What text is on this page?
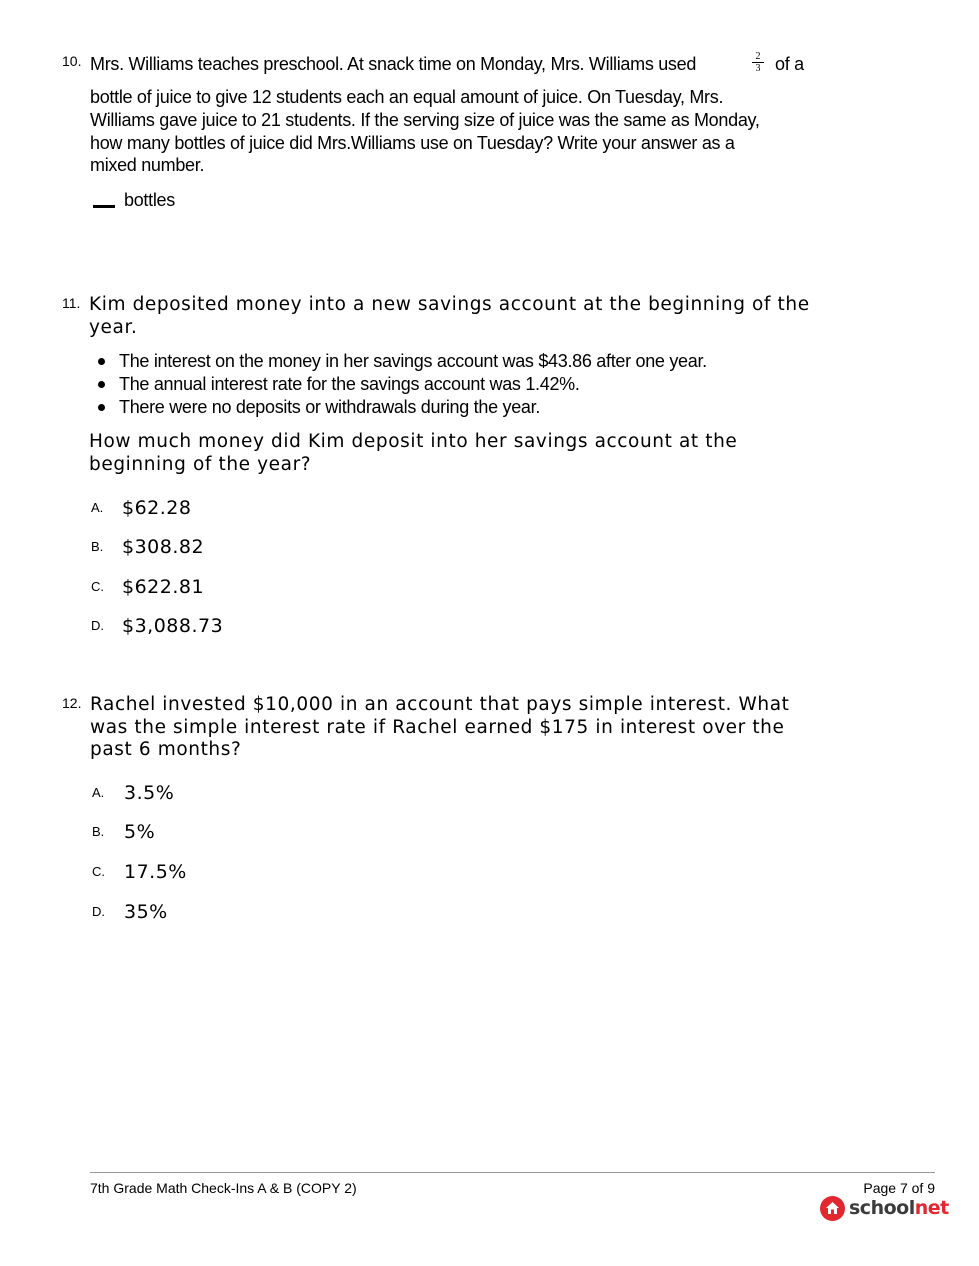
10. Mrs. Williams teaches preschool. At snack time on Monday, Mrs. Williams used	$\frac{2}{3}$ of a
bottle of juice to give 12 students each an equal amount of juice. On Tuesday, Mrs.
Williams gave juice to 21 students. If the serving size of juice was the same as Monday,
how many bottles of juice did Mrs.Williams use on Tuesday? Write your answer as a
mixed number.
bottles
11. Kim deposited money into a new savings account at the beginning of the
year.
The interest on the money in her savings account was $43.86 after one year.
The annual interest rate for the savings account was 1.42%.
There were no deposits or withdrawals during the year.
How much money did Kim deposit into her savings account at the
beginning of the year?
A. $62.28
B. $308.82
C. $622.81
D. $3,088.73
12. Rachel invested $10,000 in an account that pays simple interest. What
was the simple interest rate if Rachel earned $175 in interest over the
past 6 months?
A. 3.5%
B. 5%
C. 17.5%
D. 35%
7th Grade Math Check-Ins A & B (COPY 2)	Page 7 of 9
schoolnet
